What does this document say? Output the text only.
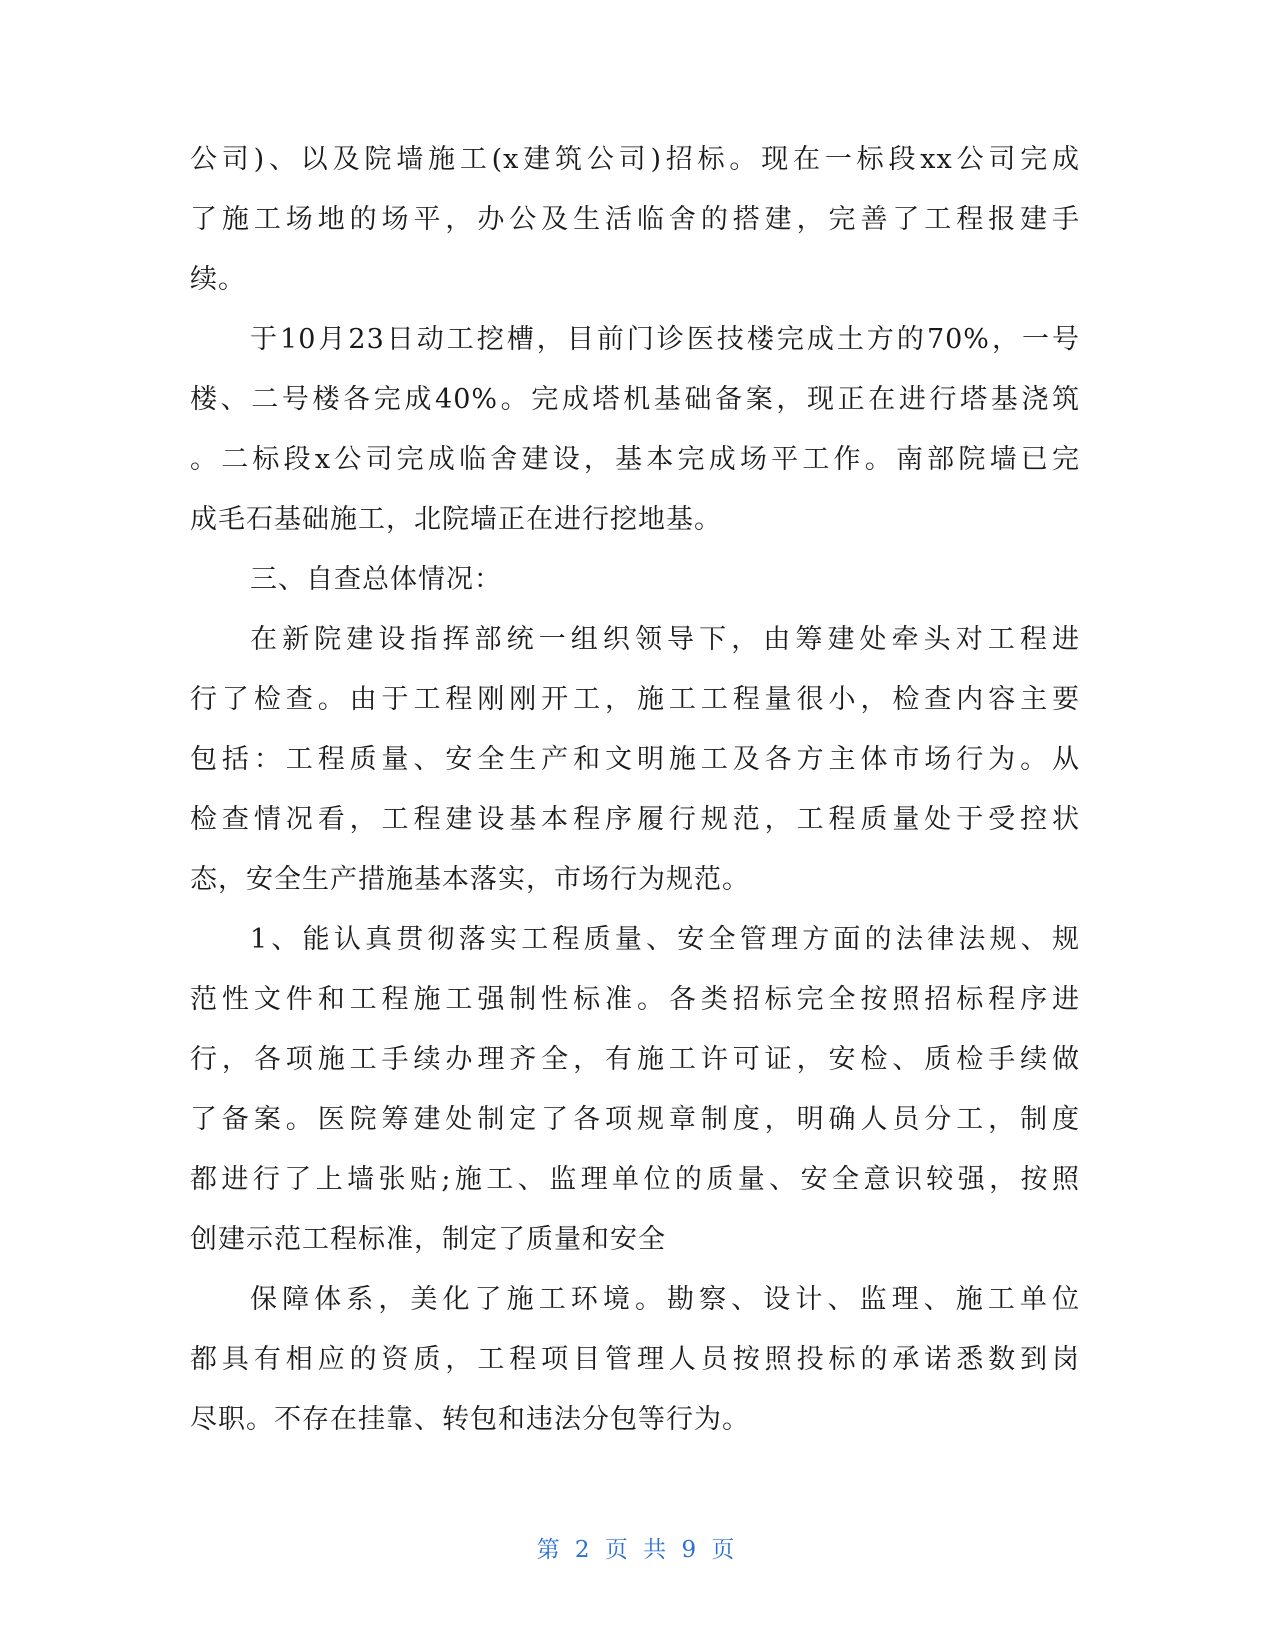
公司)、以及院墙施工(x建筑公司)招标。现在一标段xx公司完成
了施工场地的场平，办公及生活临舍的搭建，完善了工程报建手
续。
于10月23日动工挖槽，目前门诊医技楼完成土方的70%，一号
楼、二号楼各完成40%。完成塔机基础备案，现正在进行塔基浇筑
。二标段x公司完成临舍建设，基本完成场平工作。南部院墙已完
成毛石基础施工，北院墙正在进行挖地基。
三、自查总体情况：
在新院建设指挥部统一组织领导下，由筹建处牵头对工程进
行了检查。由于工程刚刚开工，施工工程量很小，检查内容主要
包括：工程质量、安全生产和文明施工及各方主体市场行为。从
检查情况看，工程建设基本程序履行规范，工程质量处于受控状
态，安全生产措施基本落实，市场行为规范。
1、能认真贯彻落实工程质量、安全管理方面的法律法规、规
范性文件和工程施工强制性标准。各类招标完全按照招标程序进
行，各项施工手续办理齐全，有施工许可证，安检、质检手续做
了备案。医院筹建处制定了各项规章制度，明确人员分工，制度
都进行了上墙张贴;施工、监理单位的质量、安全意识较强，按照
创建示范工程标准，制定了质量和安全
保障体系，美化了施工环境。勘察、设计、监理、施工单位
都具有相应的资质，工程项目管理人员按照投标的承诺悉数到岗
尽职。不存在挂靠、转包和违法分包等行为。
第 2 页 共 9 页
